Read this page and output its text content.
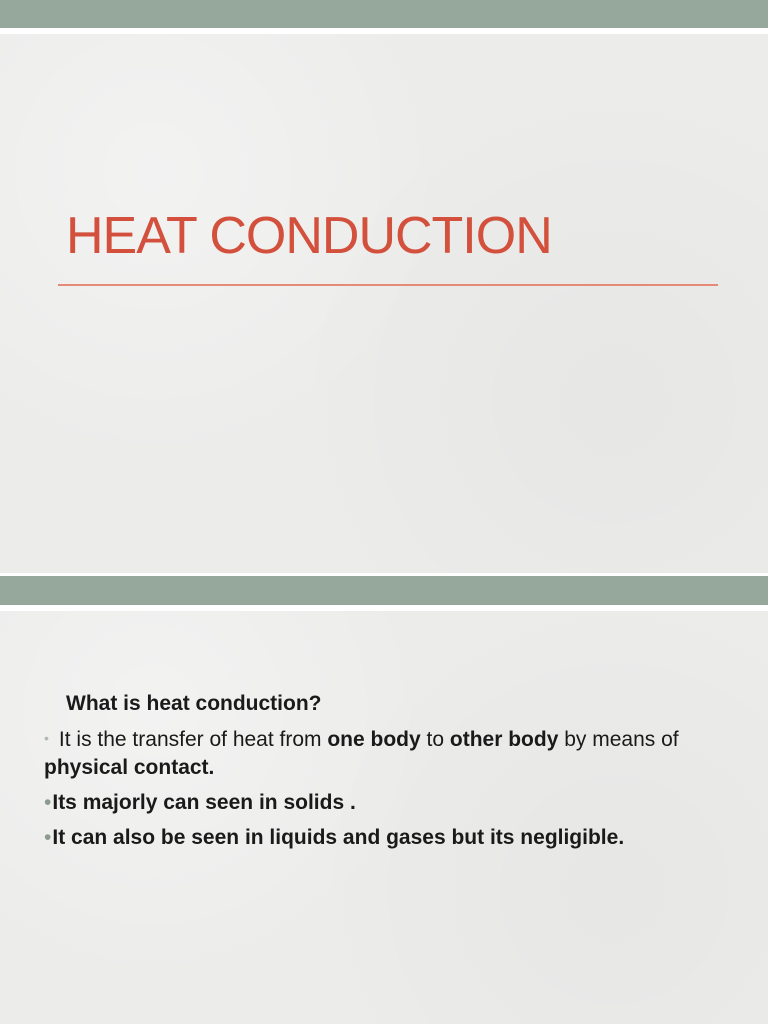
HEAT CONDUCTION

What is heat conduction?

• It is the transfer of heat from one body to other body by means of physical contact.

•Its majorly can seen in solids .

•It can also be seen in liquids and gases but its negligible.
